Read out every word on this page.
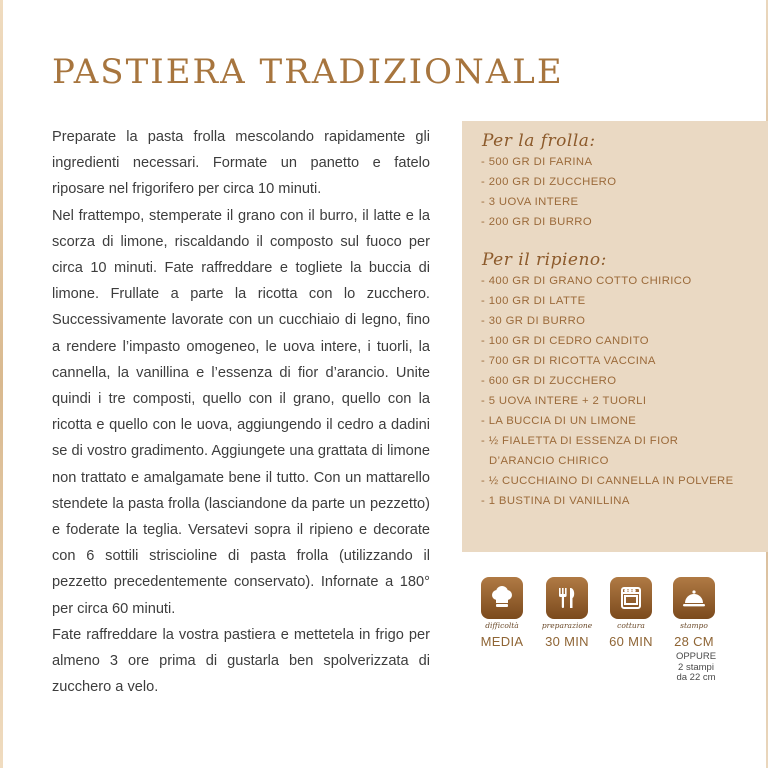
PASTIERA TRADIZIONALE

Preparate la pasta frolla mescolando rapidamente gli ingredienti necessari. Formate un panetto e fatelo riposare nel frigorifero per circa 10 minuti.

Nel frattempo, stemperate il grano con il burro, il latte e la scorza di limone, riscaldando il composto sul fuoco per circa 10 minuti. Fate raffreddare e togliete la buccia di limone. Frullate a parte la ricotta con lo zucchero. Successivamente lavorate con un cucchiaio di legno, fino a rendere l’impasto omogeneo, le uova intere, i tuorli, la cannella, la vanillina e l’essenza di fior d’arancio. Unite quindi i tre composti, quello con il grano, quello con la ricotta e quello con le uova, aggiungendo il cedro a dadini se di vostro gradimento. Aggiungete una grattata di limone non trattato e amalgamate bene il tutto. Con un mattarello stendete la pasta frolla (lasciandone da parte un pezzetto) e foderate la teglia. Versatevi sopra il ripieno e decorate con 6 sottili striscioline di pasta frolla (utilizzando il pezzetto precedentemente conservato). Infornate a 180° per circa 60 minuti.

Fate raffreddare la vostra pastiera e mettetela in frigo per almeno 3 ore prima di gustarla ben spolverizzata di zucchero a velo.

Per la frolla:
- 500 GR DI FARINA
- 200 GR DI ZUCCHERO
- 3 UOVA INTERE
- 200 GR DI BURRO
Per il ripieno:
- 400 GR DI GRANO COTTO CHIRICO
- 100 GR DI LATTE
- 30 GR DI BURRO
- 100 GR DI CEDRO CANDITO
- 700 GR DI RICOTTA VACCINA
- 600 GR DI ZUCCHERO
- 5 UOVA INTERE + 2 TUORLI
- LA BUCCIA DI UN LIMONE
- ½ FIALETTA DI ESSENZA DI FIOR D’ARANCIO CHIRICO
- ½ CUCCHIAINO DI CANNELLA IN POLVERE
- 1 BUSTINA DI VANILLINA
difficoltà	preparazione	cottura	stampo
MEDIA	30 MIN	60 MIN	28 CM
OPPURE
2 stampi
da 22 cm
